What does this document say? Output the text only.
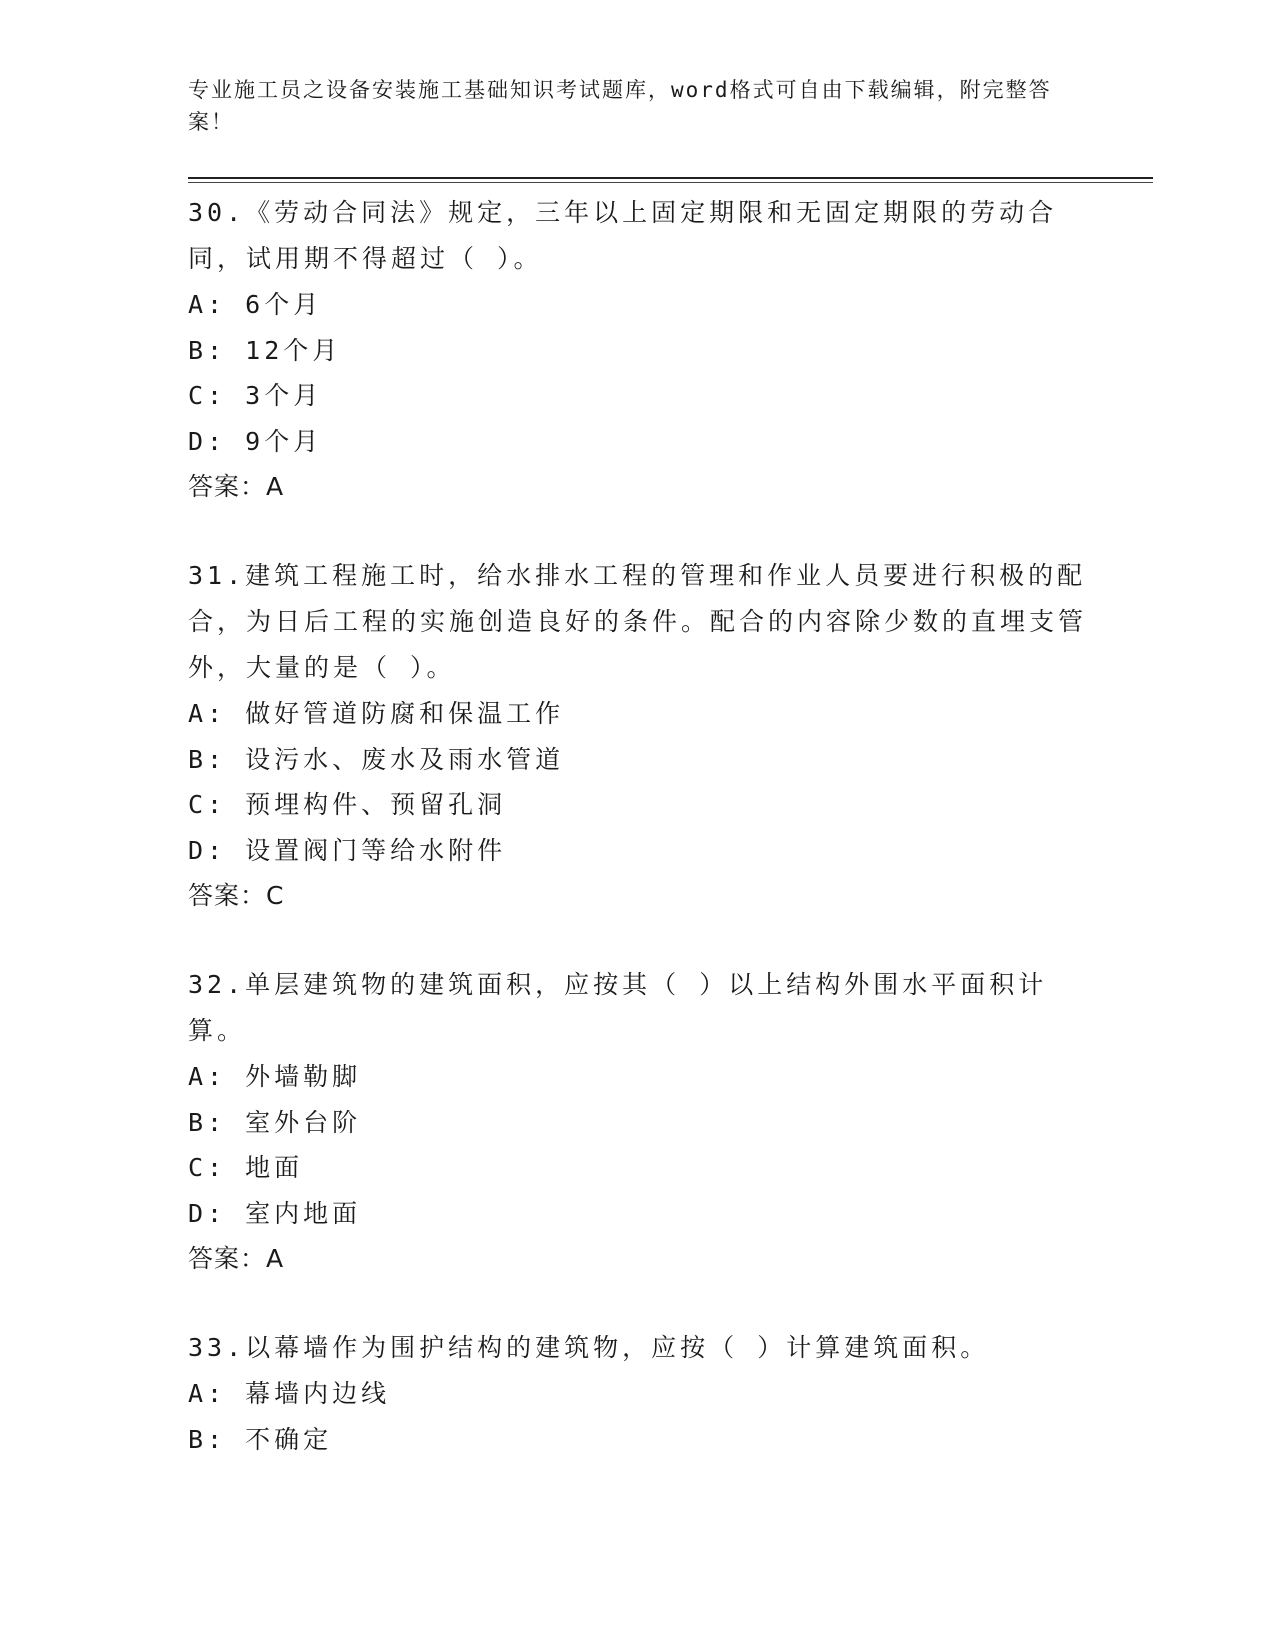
专业施工员之设备安装施工基础知识考试题库，word格式可自由下载编辑，附完整答案！
30.《劳动合同法》规定，三年以上固定期限和无固定期限的劳动合同，试用期不得超过（ ）。
A: 6个月
B: 12个月
C: 3个月
D: 9个月
答案：A
31.建筑工程施工时，给水排水工程的管理和作业人员要进行积极的配合，为日后工程的实施创造良好的条件。配合的内容除少数的直埋支管外，大量的是（ ）。
A: 做好管道防腐和保温工作
B: 设污水、废水及雨水管道
C: 预埋构件、预留孔洞
D: 设置阀门等给水附件
答案：C
32.单层建筑物的建筑面积，应按其（ ）以上结构外围水平面积计算。
A: 外墙勒脚
B: 室外台阶
C: 地面
D: 室内地面
答案：A
33.以幕墙作为围护结构的建筑物，应按（ ）计算建筑面积。
A: 幕墙内边线
B: 不确定
